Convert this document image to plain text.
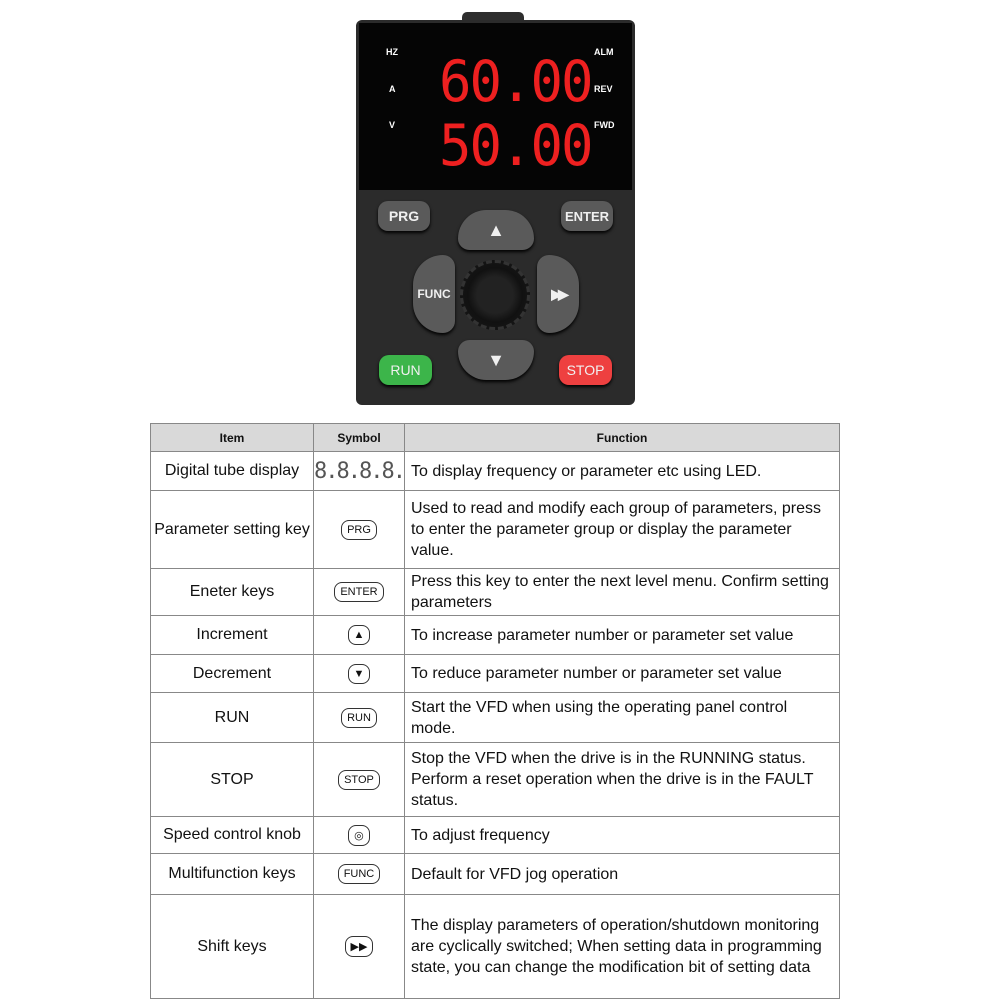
HZ
A
V
ALM
REV
FWD
60.00
50.00
PRG	ENTER
▲
▼
FUNC	▶▶
RUN	STOP
Item	Symbol	Function
Digital tube display	8.8.8.8.	To display frequency or parameter etc using LED.
Parameter setting key	PRG	Used to read and modify each group of parameters, press to enter the parameter group or display the parameter value.
Eneter keys	ENTER	Press this key to enter the next level menu. Confirm setting parameters
Increment	▲	To increase parameter number or parameter set value
Decrement	▼	To reduce parameter number or parameter set value
RUN	RUN	Start the VFD when using the operating panel control mode.
STOP	STOP	Stop the VFD when the drive is in the RUNNING status. Perform a reset operation when the drive is in the FAULT status.
Speed control knob	◎	To adjust frequency
Multifunction keys	FUNC	Default for VFD jog operation
Shift keys	▶▶	The display parameters of operation/shutdown monitoring are cyclically switched; When setting data in programming state, you can change the modification bit of setting data
